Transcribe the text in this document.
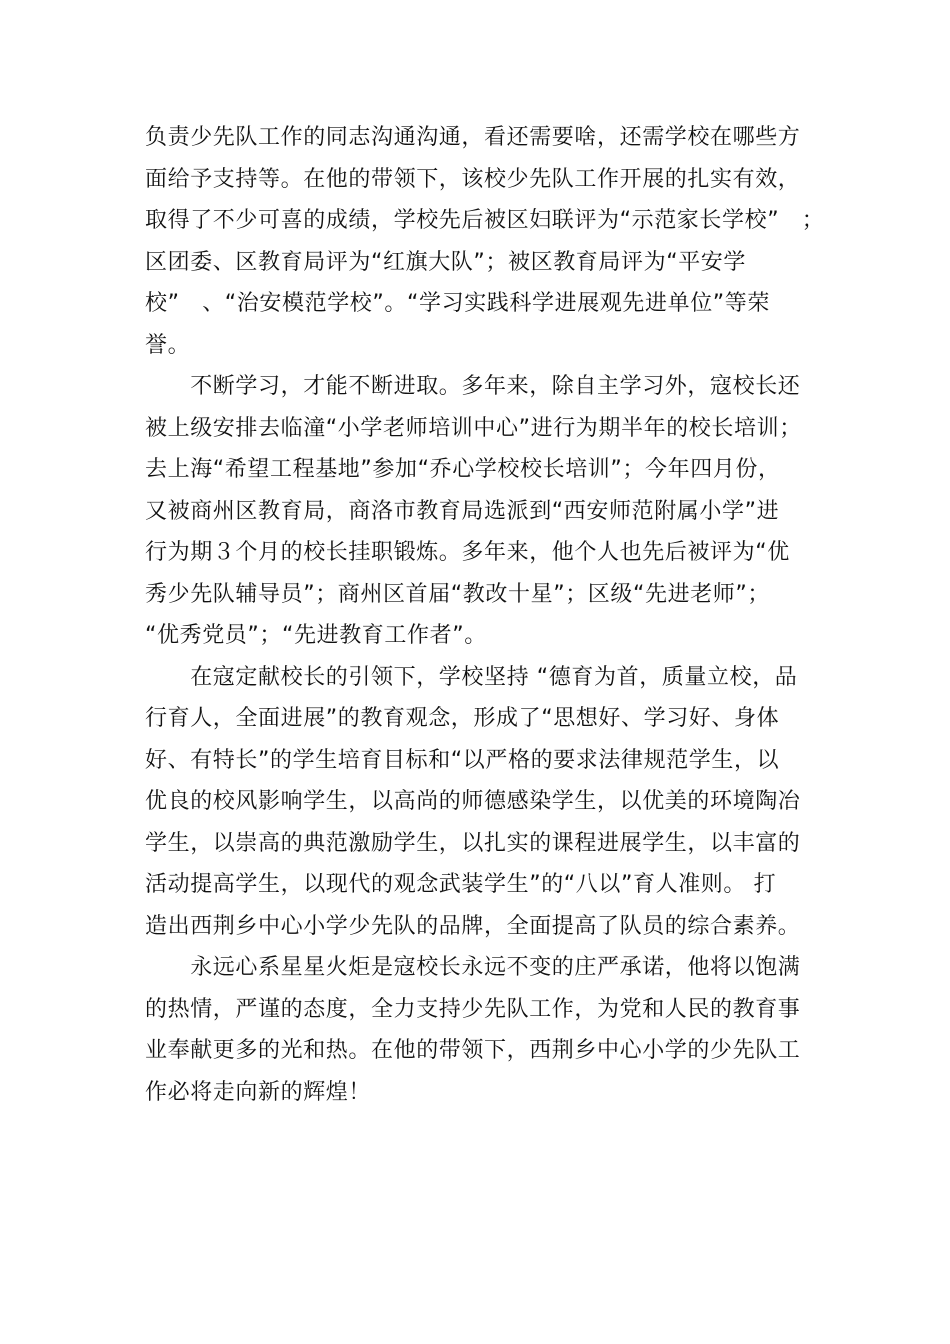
负责少先队工作的同志沟通沟通，看还需要啥，还需学校在哪些方
面给予支持等。在他的带领下，该校少先队工作开展的扎实有效，
取得了不少可喜的成绩，学校先后被区妇联评为“示范家长学校”　；
区团委、区教育局评为“红旗大队”；被区教育局评为“平安学
校”　、“治安模范学校”。“学习实践科学进展观先进单位”等荣
誉。
　　不断学习，才能不断进取。多年来，除自主学习外，寇校长还
被上级安排去临潼“小学老师培训中心”进行为期半年的校长培训；
去上海“希望工程基地”参加“乔心学校校长培训”；今年四月份，
又被商州区教育局，商洛市教育局选派到“西安师范附属小学”进
行为期３个月的校长挂职锻炼。多年来，他个人也先后被评为“优
秀少先队辅导员”；商州区首届“教改十星”；区级“先进老师”；
“优秀党员”；“先进教育工作者”。
　　在寇定献校长的引领下，学校坚持 “德育为首，质量立校，品
行育人，全面进展”的教育观念，形成了“思想好、学习好、身体
好、有特长”的学生培育目标和“以严格的要求法律规范学生，以
优良的校风影响学生，以高尚的师德感染学生，以优美的环境陶冶
学生，以崇高的典范激励学生，以扎实的课程进展学生，以丰富的
活动提高学生，以现代的观念武装学生”的“八以”育人准则。 打
造出西荆乡中心小学少先队的品牌，全面提高了队员的综合素养。
　　永远心系星星火炬是寇校长永远不变的庄严承诺，他将以饱满
的热情，严谨的态度，全力支持少先队工作，为党和人民的教育事
业奉献更多的光和热。在他的带领下，西荆乡中心小学的少先队工
作必将走向新的辉煌！
